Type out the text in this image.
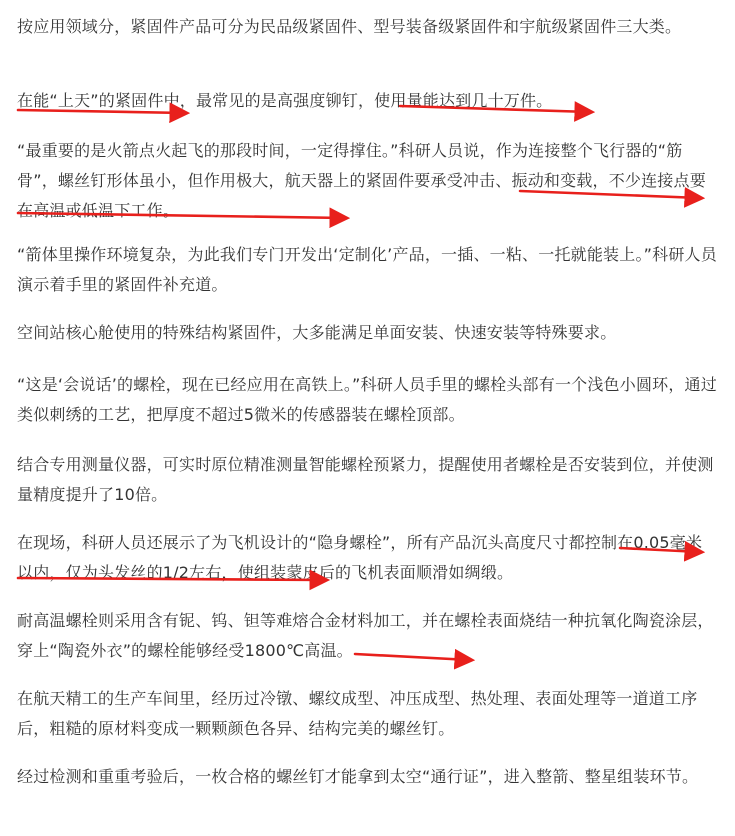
按应用领域分，紧固件产品可分为民品级紧固件、型号装备级紧固件和宇航级紧固件三大类。

在能“上天”的紧固件中，最常见的是高强度铆钉，使用量能达到几十万件。

“最重要的是火箭点火起飞的那段时间，一定得撑住。”科研人员说，作为连接整个飞行器的“筋骨”，螺丝钉形体虽小，但作用极大，航天器上的紧固件要承受冲击、振动和变载，不少连接点要在高温或低温下工作。

“箭体里操作环境复杂，为此我们专门开发出‘定制化’产品，一插、一粘、一托就能装上。”科研人员演示着手里的紧固件补充道。

空间站核心舱使用的特殊结构紧固件，大多能满足单面安装、快速安装等特殊要求。

“这是‘会说话’的螺栓，现在已经应用在高铁上。”科研人员手里的螺栓头部有一个浅色小圆环，通过类似刺绣的工艺，把厚度不超过5微米的传感器装在螺栓顶部。

结合专用测量仪器，可实时原位精准测量智能螺栓预紧力，提醒使用者螺栓是否安装到位，并使测量精度提升了10倍。

在现场，科研人员还展示了为飞机设计的“隐身螺栓”，所有产品沉头高度尺寸都控制在0.05毫米以内，仅为头发丝的1/2左右，使组装蒙皮后的飞机表面顺滑如绸缎。

耐高温螺栓则采用含有铌、钨、钽等难熔合金材料加工，并在螺栓表面烧结一种抗氧化陶瓷涂层，穿上“陶瓷外衣”的螺栓能够经受1800℃高温。

在航天精工的生产车间里，经历过冷镦、螺纹成型、冲压成型、热处理、表面处理等一道道工序后，粗糙的原材料变成一颗颗颜色各异、结构完美的螺丝钉。

经过检测和重重考验后，一枚合格的螺丝钉才能拿到太空“通行证”，进入整箭、整星组装环节。
